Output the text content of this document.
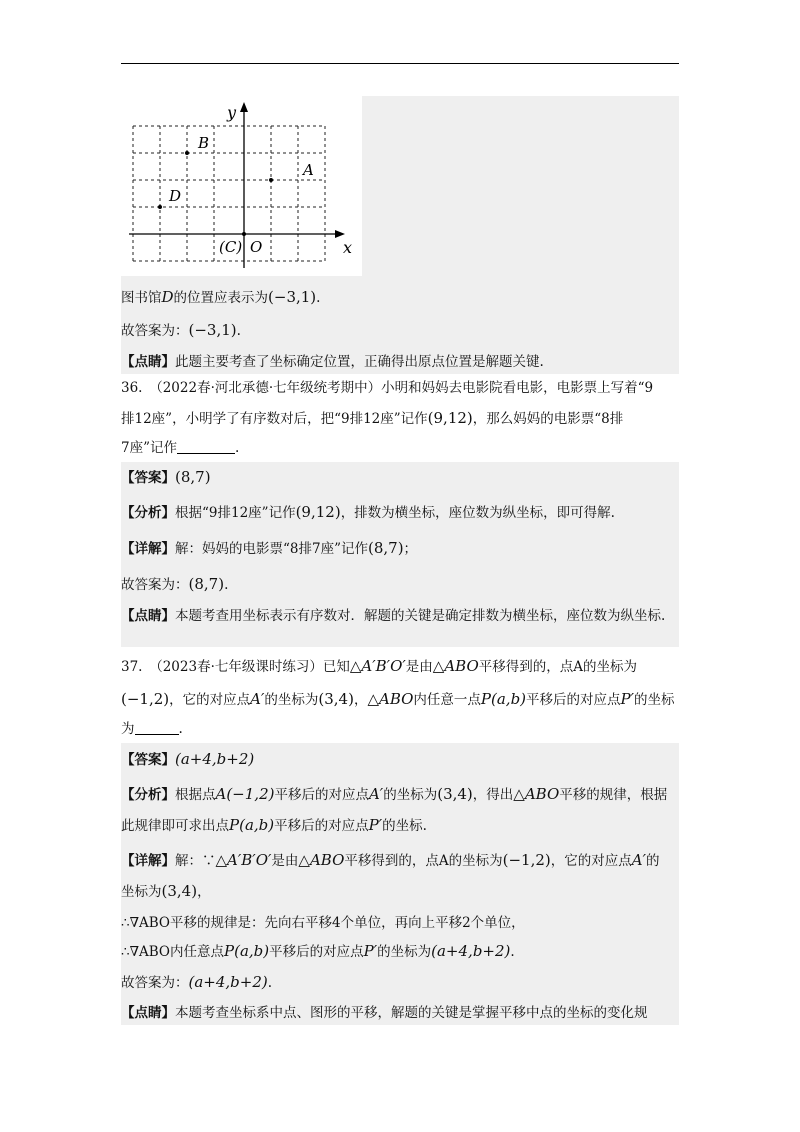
y
x
B
A
D
(C) O
图书馆D的位置应表示为(−3,1).
故答案为：(−3,1).
【点睛】此题主要考查了坐标确定位置，正确得出原点位置是解题关键.
36.　（2022春·河北承德·七年级统考期中）小明和妈妈去电影院看电影，电影票上写着“9
排12座”，小明学了有序数对后，把“9排12座”记作(9,12)，那么妈妈的电影票“8排
7座”记作	.
【答案】(8,7)
【分析】根据“9排12座”记作(9,12)，排数为横坐标，座位数为纵坐标，即可得解.
【详解】解：妈妈的电影票“8排7座”记作(8,7)；
故答案为：(8,7).
【点睛】本题考查用坐标表示有序数对．解题的关键是确定排数为横坐标，座位数为纵坐标.
37.　（2023春·七年级课时练习）已知△A′B′O′是由△ABO平移得到的，点A的坐标为
(−1,2)，它的对应点A′的坐标为(3,4)，△ABO内任意一点P(a,b)平移后的对应点P′的坐标
为	.
【答案】(a+4,b+2)
【分析】根据点A(−1,2)平移后的对应点A′的坐标为(3,4)，得出△ABO平移的规律，根据
此规律即可求出点P(a,b)平移后的对应点P′的坐标.
【详解】解：∵△A′B′O′是由△ABO平移得到的，点A的坐标为(−1,2)，它的对应点A′的
坐标为(3,4)，
∴∇ABO平移的规律是：先向右平移4个单位，再向上平移2个单位，
∴∇ABO内任意点P(a,b)平移后的对应点P′的坐标为(a+4,b+2).
故答案为：(a+4,b+2).
【点睛】本题考查坐标系中点、图形的平移，解题的关键是掌握平移中点的坐标的变化规
